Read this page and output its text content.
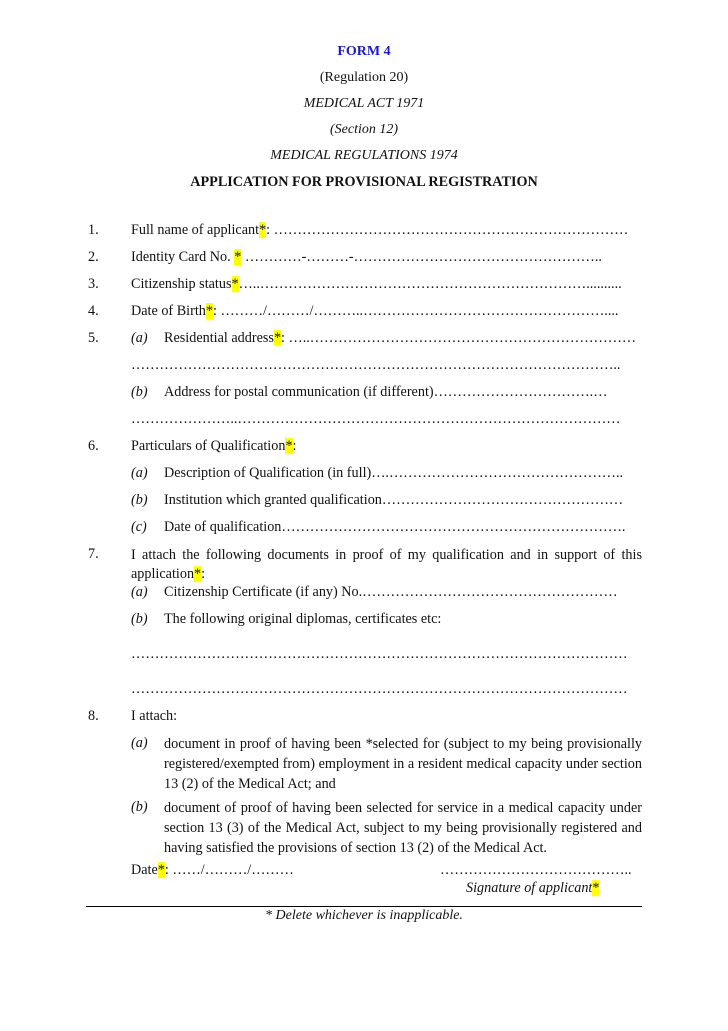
FORM 4
(Regulation 20)
MEDICAL ACT 1971
(Section 12)
MEDICAL REGULATIONS 1974
APPLICATION FOR PROVISIONAL REGISTRATION
1. Full name of applicant*: …………………………………………………………………
2. Identity Card No. * …………-………-……………………………………………..
3. Citizenship status*…..……………………………………………………………..........
4. Date of Birth*: ………/………/………..……………………………………………....
5. (a) Residential address*: …..……………………………………………………………
…………………………………………………………………………………………..
(b) Address for postal communication (if different)…………………………….…
…………………..………………………………………………………………………
6. Particulars of Qualification*:
(a) Description of Qualification (in full)….…………………………………………..
(b) Institution which granted qualification……………………………………………
(c) Date of qualification……………………………………………………………….
7. I attach the following documents in proof of my qualification and in support of this application*:
(a) Citizenship Certificate (if any) No.………………………………………………
(b) The following original diplomas, certificates etc:
……………………………………………………………………………………………
……………………………………………………………………………………………
8. I attach:
(a) document in proof of having been *selected for (subject to my being provisionally registered/exempted from) employment in a resident medical capacity under section 13 (2) of the Medical Act; and
(b) document of proof of having been selected for service in a medical capacity under section 13 (3) of the Medical Act, subject to my being provisionally registered and having satisfied the provisions of section 13 (2) of the Medical Act.
Date*: ……/………/………	…………………………………..
Signature of applicant*
* Delete whichever is inapplicable.
